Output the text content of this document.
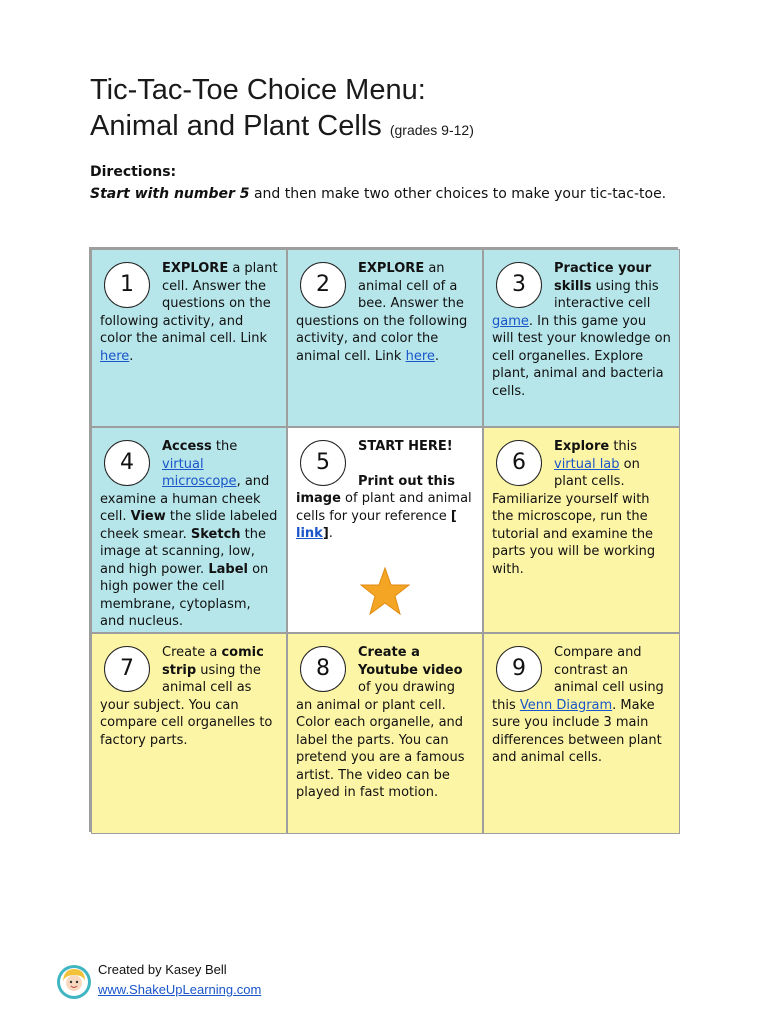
Tic-Tac-Toe Choice Menu:
Animal and Plant Cells (grades 9-12)
Directions:
Start with number 5 and then make two other choices to make your tic-tac-toe.
1
EXPLORE a plant cell. Answer the questions on the following activity, and color the animal cell. Link here.
2
EXPLORE an animal cell of a bee. Answer the questions on the following activity, and color the animal cell. Link here.
3
Practice your skills using this interactive cell game. In this game you will test your knowledge on cell organelles. Explore plant, animal and bacteria cells.
4
Access the virtual microscope, and examine a human cheek cell. View the slide labeled cheek smear. Sketch the image at scanning, low, and high power. Label on high power the cell membrane, cytoplasm, and nucleus.
5
START HERE!
Print out this image of plant and animal cells for your reference [ link].
6
Explore this virtual lab on plant cells. Familiarize yourself with the microscope, run the tutorial and examine the parts you will be working with.
7
Create a comic strip using the animal cell as your subject. You can compare cell organelles to factory parts.
8
Create a Youtube video of you drawing an animal or plant cell. Color each organelle, and label the parts. You can pretend you are a famous artist. The video can be played in fast motion.
9
Compare and contrast an animal cell using this Venn Diagram. Make sure you include 3 main differences between plant and animal cells.
Created by Kasey Bell
www.ShakeUpLearning.com
